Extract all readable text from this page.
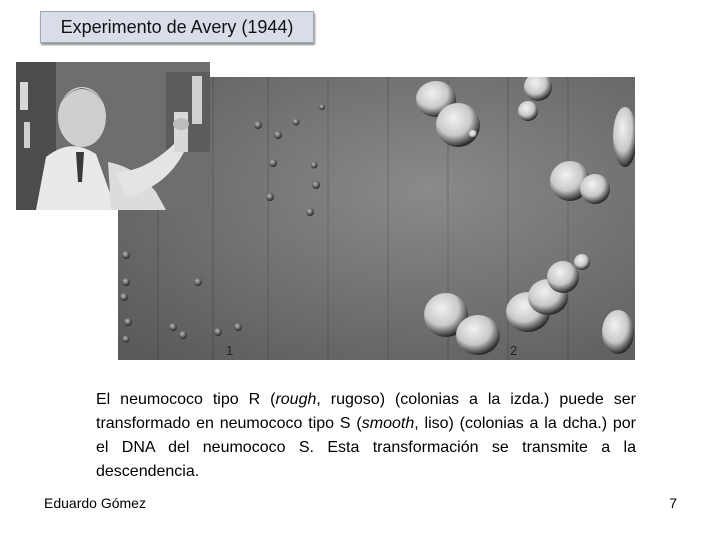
Experimento de Avery (1944)
1	2
El neumococo tipo R (rough, rugoso) (colonias a la izda.) puede ser transformado en neumococo tipo S (smooth, liso) (colonias a la dcha.) por el DNA del neumococo S. Esta transformación se transmite a la descendencia.
Eduardo Gómez	7
